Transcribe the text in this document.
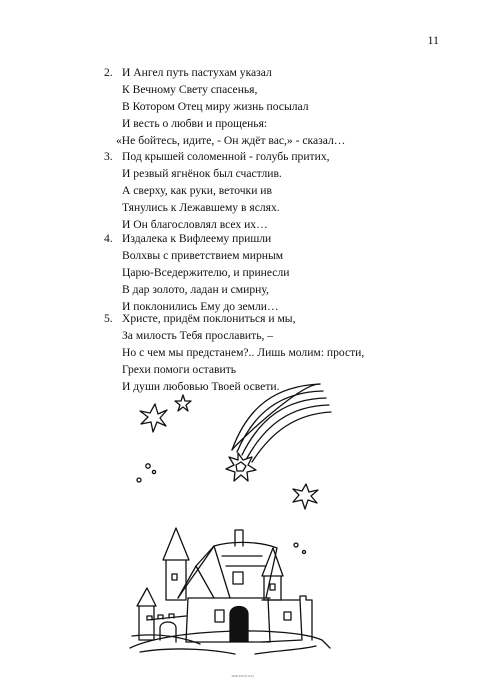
11
2. И Ангел путь пастухам указал
К Вечному Свету спасенья,
В Котором Отец миру жизнь посылал
И весть о любви и прощенья:
«Не бойтесь, идите, - Он ждёт вас,» - сказал…
3. Под крышей соломенной - голубь притих,
И резвый ягнёнок был счастлив.
А сверху, как руки, веточки ив
Тянулись к Лежавшему в яслях.
И Он благословлял всех их…
4. Издалека к Вифлеему пришли
Волхвы с приветствием мирным
Царю-Вседержителю, и принесли
В дар золото, ладан и смирну,
И поклонились Ему до земли…
5. Христе, придём поклониться и мы,
За милость Тебя прославить, –
Но с чем мы предстанем?.. Лишь молим: прости,
Грехи помоги оставить
И души любовью Твоей освети.
ЖЖ.МЗ (8116)
